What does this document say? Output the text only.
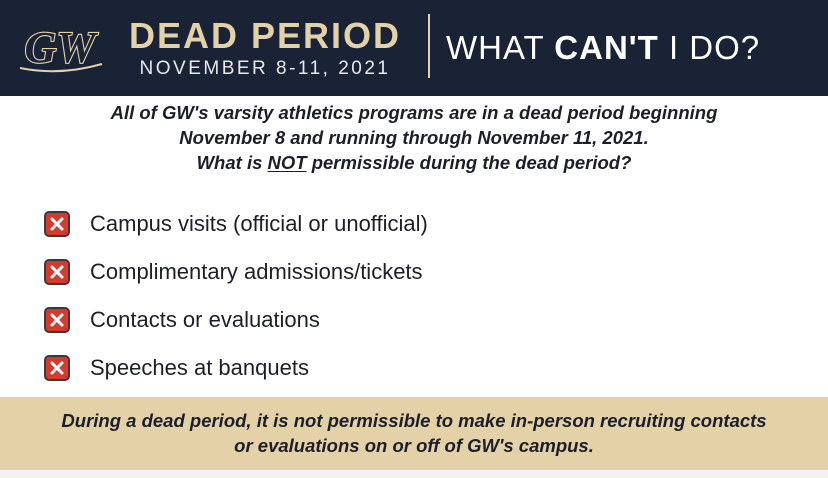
GW DEAD PERIOD
NOVEMBER 8-11, 2021
WHAT CAN'T I DO?
All of GW's varsity athletics programs are in a dead period beginning
November 8 and running through November 11, 2021.
What is NOT permissible during the dead period?
Campus visits (official or unofficial)
Complimentary admissions/tickets
Contacts or evaluations
Speeches at banquets
During a dead period, it is not permissible to make in-person recruiting contacts
or evaluations on or off of GW's campus.
